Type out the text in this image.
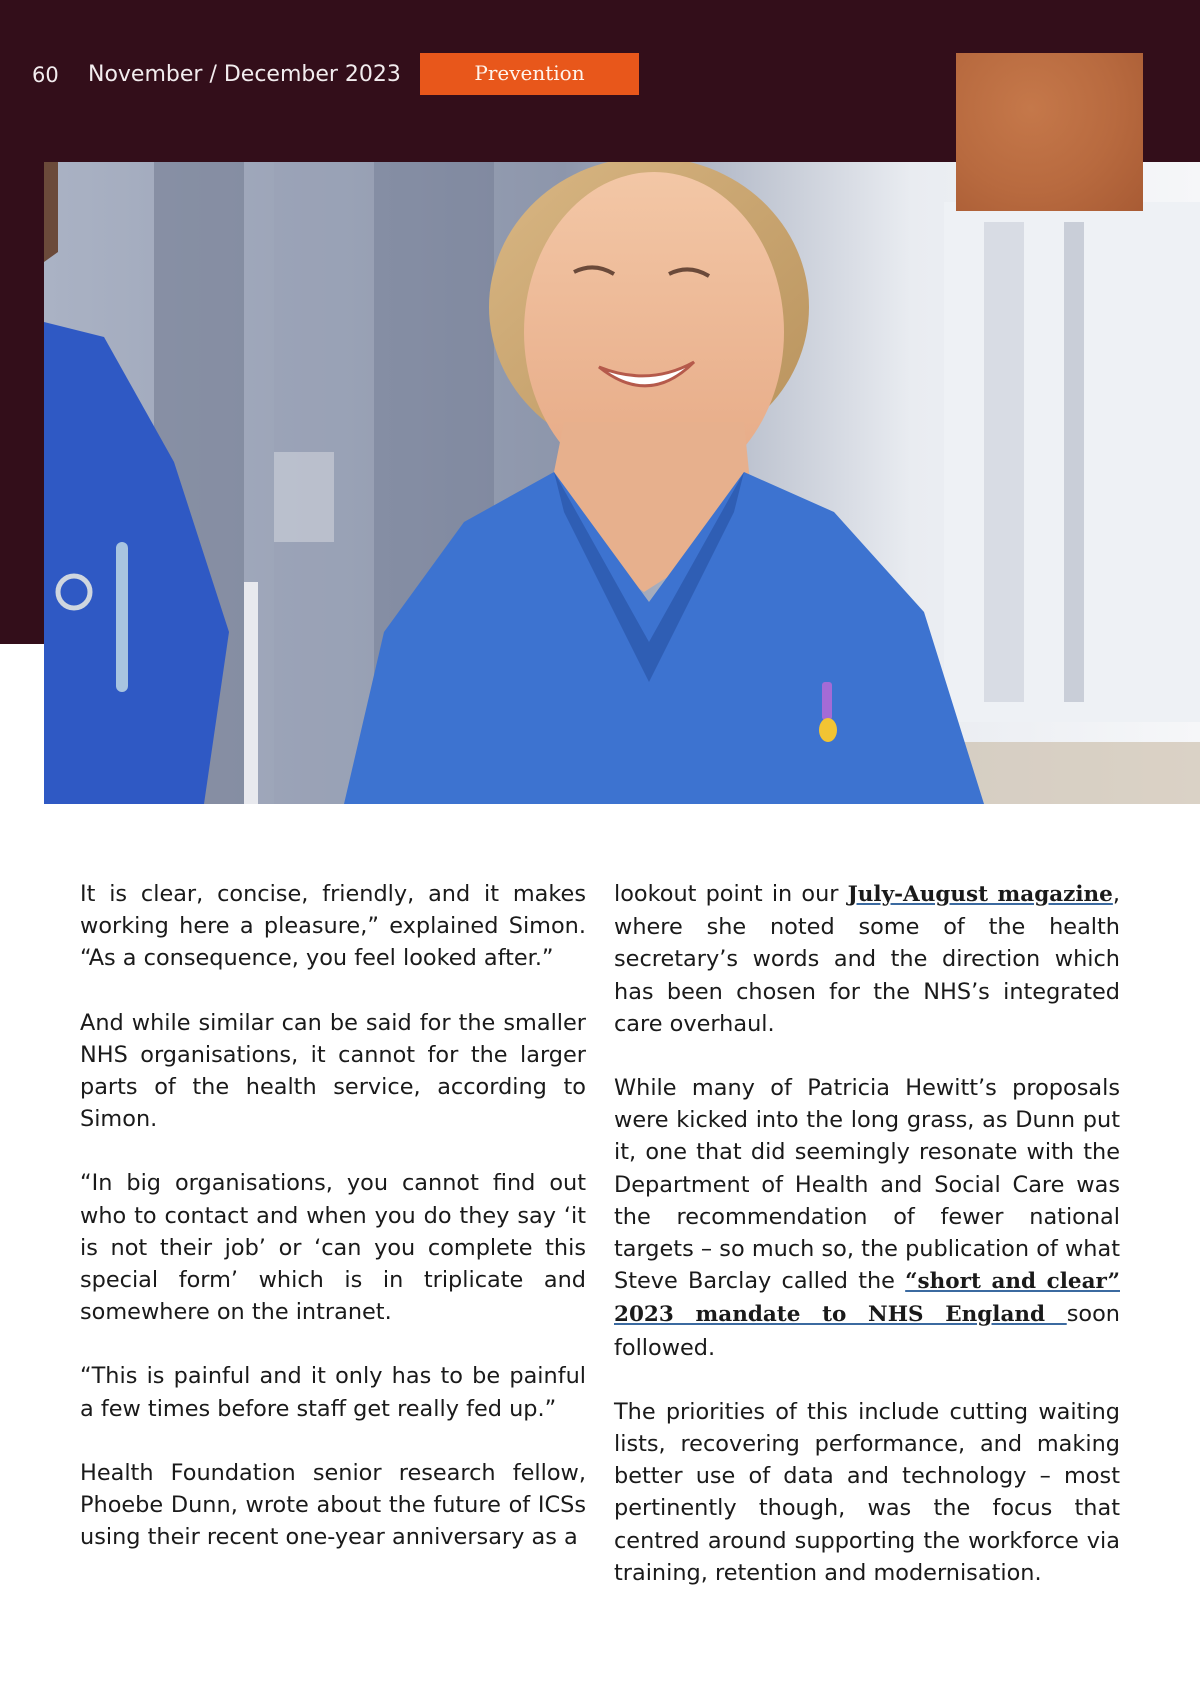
60 November / December 2023	Prevention

It is clear, concise, friendly, and it makes working here a pleasure,” explained Simon. “As a consequence, you feel looked after.”

And while similar can be said for the smaller NHS organisations, it cannot for the larger parts of the health service, according to Simon.

“In big organisations, you cannot find out who to contact and when you do they say ‘it is not their job’ or ‘can you complete this special form’ which is in triplicate and somewhere on the intranet.

“This is painful and it only has to be painful a few times before staff get really fed up.”

Health Foundation senior research fellow, Phoebe Dunn, wrote about the future of ICSs using their recent one-year anniversary as a

lookout point in our July-August magazine, where she noted some of the health secretary’s words and the direction which has been chosen for the NHS’s integrated care overhaul.

While many of Patricia Hewitt’s proposals were kicked into the long grass, as Dunn put it, one that did seemingly resonate with the Department of Health and Social Care was the recommendation of fewer national targets – so much so, the publication of what Steve Barclay called the “short and clear” 2023 mandate to NHS England soon followed.

The priorities of this include cutting waiting lists, recovering performance, and making better use of data and technology – most pertinently though, was the focus that centred around supporting the workforce via training, retention and modernisation.
